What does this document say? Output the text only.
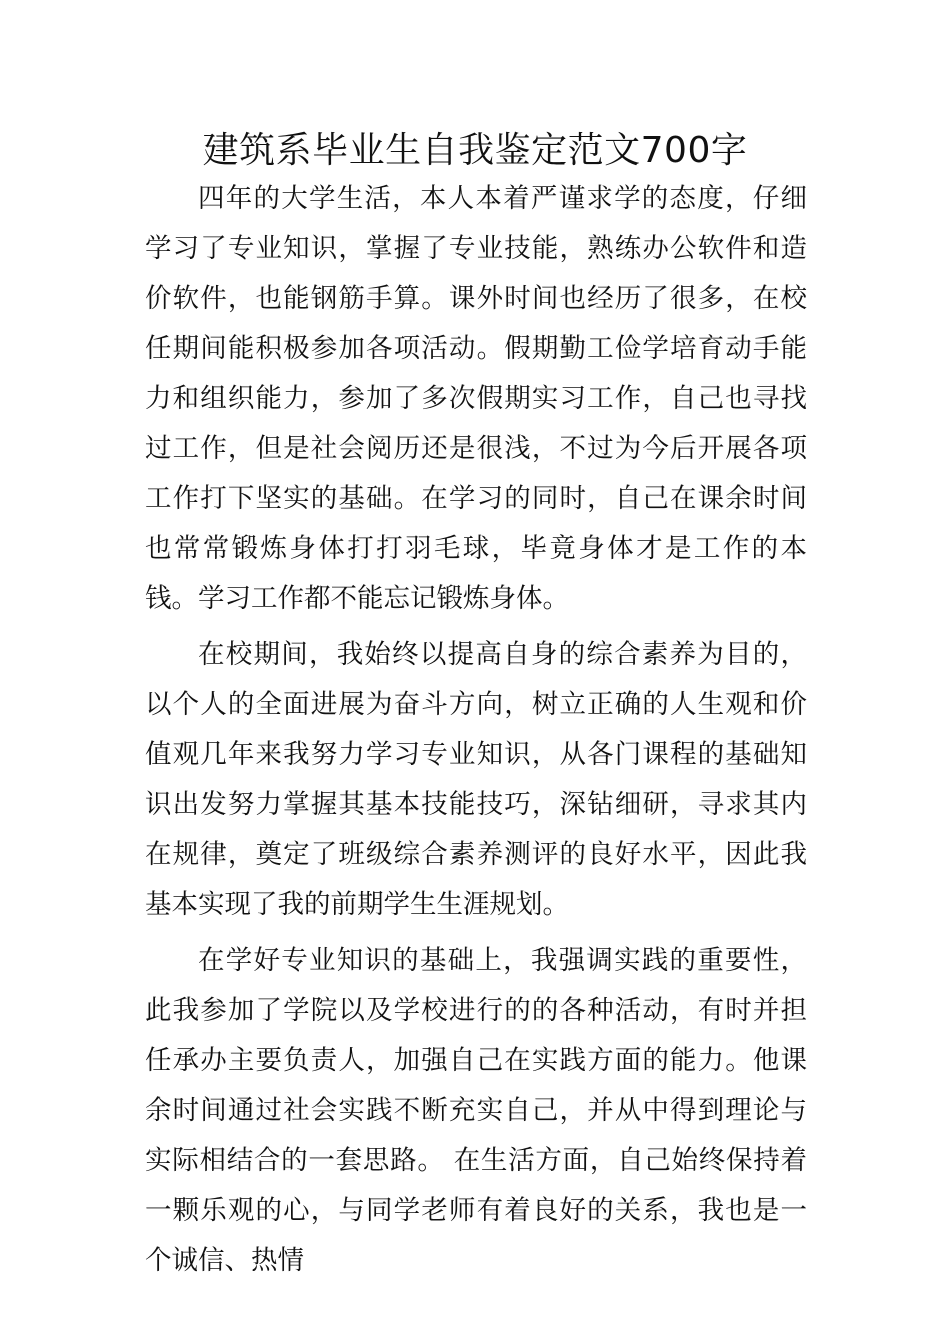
建筑系毕业生自我鉴定范文700字

四年的大学生活，本人本着严谨求学的态度，仔细学习了专业知识，掌握了专业技能，熟练办公软件和造价软件，也能钢筋手算。课外时间也经历了很多，在校任期间能积极参加各项活动。假期勤工俭学培育动手能力和组织能力，参加了多次假期实习工作，自己也寻找过工作，但是社会阅历还是很浅，不过为今后开展各项工作打下坚实的基础。在学习的同时，自己在课余时间也常常锻炼身体打打羽毛球，毕竟身体才是工作的本钱。学习工作都不能忘记锻炼身体。

在校期间，我始终以提高自身的综合素养为目的，以个人的全面进展为奋斗方向，树立正确的人生观和价值观几年来我努力学习专业知识，从各门课程的基础知识出发努力掌握其基本技能技巧，深钻细研，寻求其内在规律，奠定了班级综合素养测评的良好水平，因此我基本实现了我的前期学生生涯规划。

在学好专业知识的基础上，我强调实践的重要性，此我参加了学院以及学校进行的的各种活动，有时并担任承办主要负责人，加强自己在实践方面的能力。他课余时间通过社会实践不断充实自己，并从中得到理论与实际相结合的一套思路。 在生活方面，自己始终保持着一颗乐观的心，与同学老师有着良好的关系，我也是一个诚信、热情
